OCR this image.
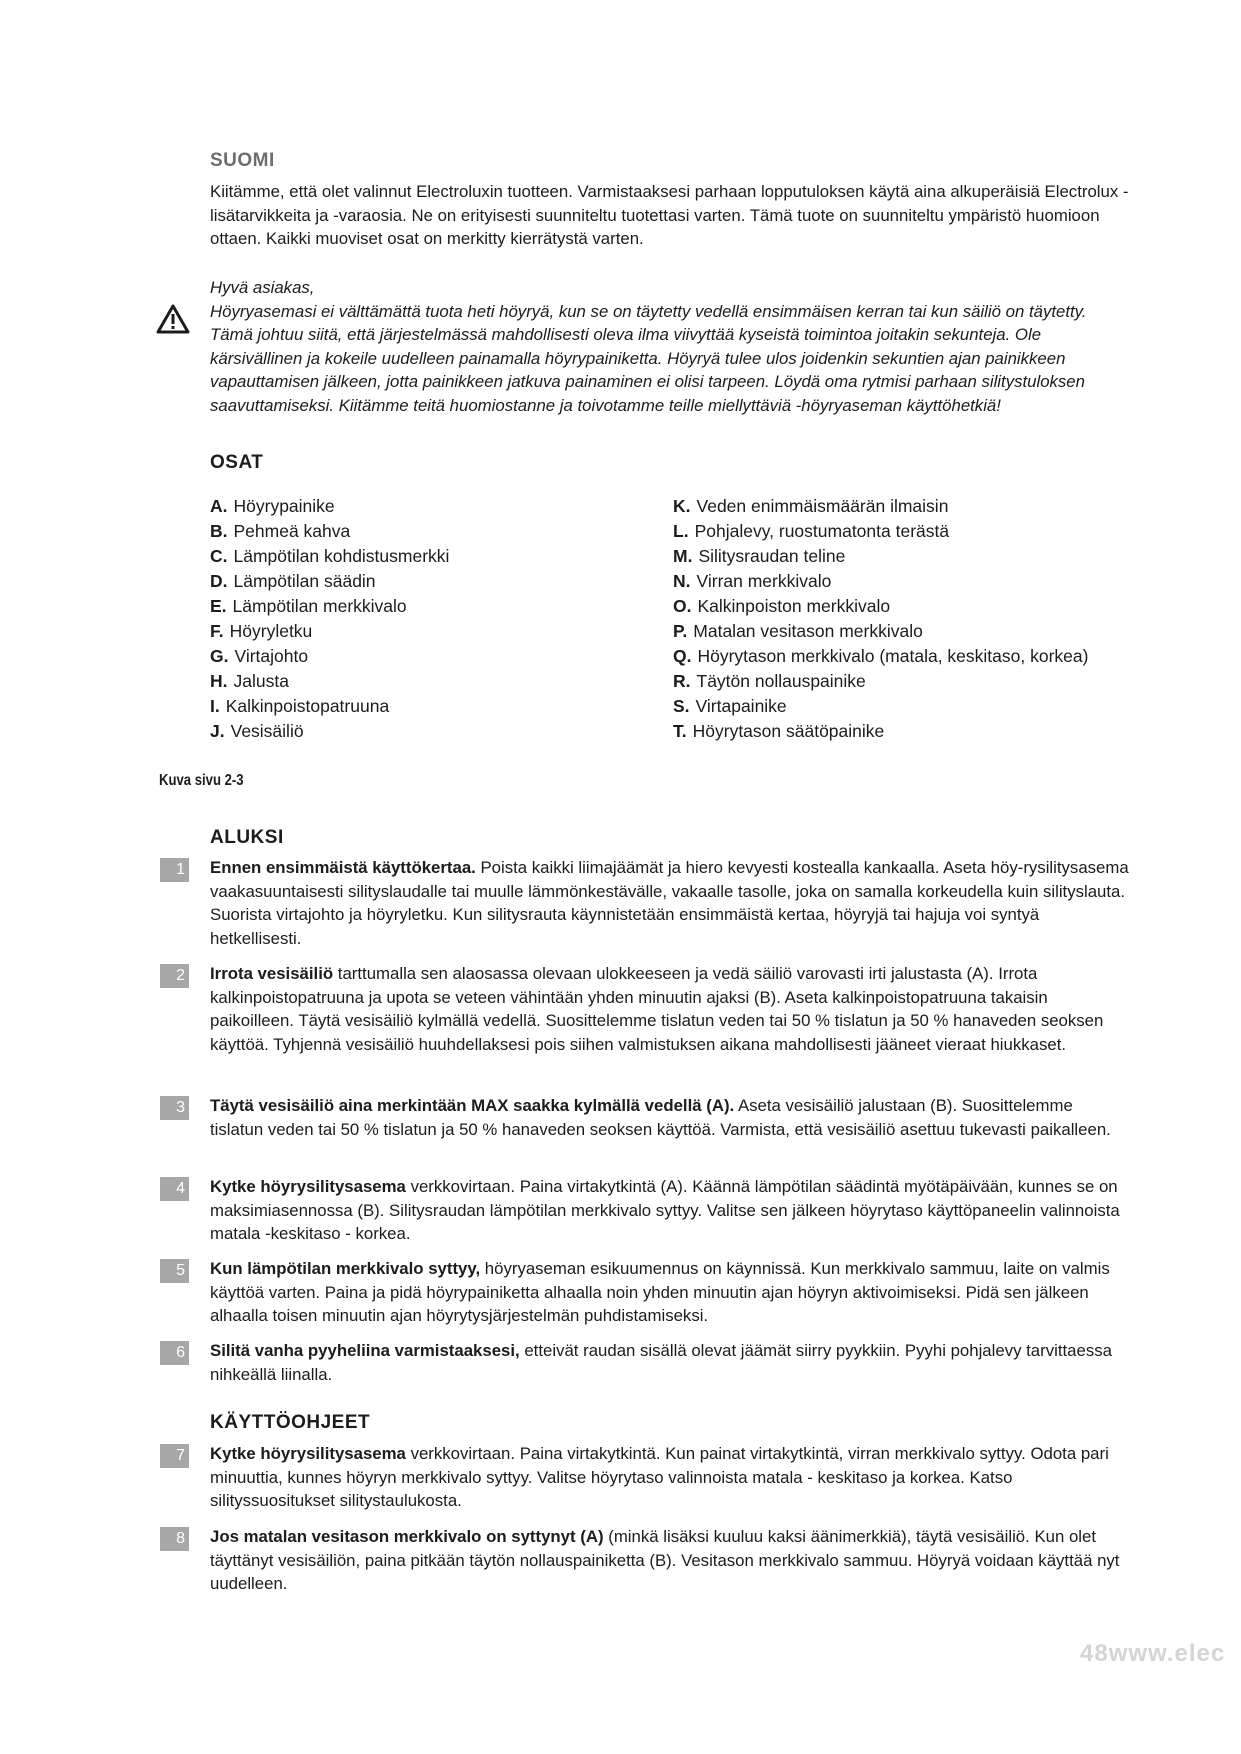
SUOMI

Kiitämme, että olet valinnut Electroluxin tuotteen. Varmistaaksesi parhaan lopputuloksen käytä aina alkuperäisiä Electrolux -lisätarvikkeita ja -varaosia. Ne on erityisesti suunniteltu tuotettasi varten. Tämä tuote on suunniteltu ympäristö huomioon ottaen. Kaikki muoviset osat on merkitty kierrätystä varten.

Hyvä asiakas,
Höyryasemasi ei välttämättä tuota heti höyryä, kun se on täytetty vedellä ensimmäisen kerran tai kun säiliö on täytetty. Tämä johtuu siitä, että järjestelmässä mahdollisesti oleva ilma viivyttää kyseistä toimintoa joitakin sekunteja. Ole kärsivällinen ja kokeile uudelleen painamalla höyrypainiketta. Höyryä tulee ulos joidenkin sekuntien ajan painikkeen vapauttamisen jälkeen, jotta painikkeen jatkuva painaminen ei olisi tarpeen. Löydä oma rytmisi parhaan silitystuloksen saavuttamiseksi. Kiitämme teitä huomiostanne ja toivotamme teille miellyttäviä -höyryaseman käyttöhetkiä!
OSAT
A. Höyrypainike
B. Pehmeä kahva
C. Lämpötilan kohdistusmerkki
D. Lämpötilan säädin
E. Lämpötilan merkkivalo
F. Höyryletku
G. Virtajohto
H. Jalusta
I. Kalkinpoistopatruuna
J. Vesisäiliö
K. Veden enimmäismäärän ilmaisin
L. Pohjalevy, ruostumatonta terästä
M. Silitysraudan teline
N. Virran merkkivalo
O. Kalkinpoiston merkkivalo
P. Matalan vesitason merkkivalo
Q. Höyrytason merkkivalo (matala, keskitaso, korkea)
R. Täytön nollauspainike
S. Virtapainike
T. Höyrytason säätöpainike
Kuva sivu 2-3
ALUKSI
1 Ennen ensimmäistä käyttökertaa. Poista kaikki liimajäämät ja hiero kevyesti kostealla kankaalla. Aseta höy-rysilitysasema vaakasuuntaisesti silityslaudalle tai muulle lämmönkestävälle, vakaalle tasolle, joka on samalla korkeudella kuin silityslauta. Suorista virtajohto ja höyryletku. Kun silitysrauta käynnistetään ensimmäistä kertaa, höyryjä tai hajuja voi syntyä hetkellisesti.
2 Irrota vesisäiliö tarttumalla sen alaosassa olevaan ulokkeeseen ja vedä säiliö varovasti irti jalustasta (A). Irrota kalkinpoistopatruuna ja upota se veteen vähintään yhden minuutin ajaksi (B). Aseta kalkinpoistopatruuna takaisin paikoilleen. Täytä vesisäiliö kylmällä vedellä. Suosittelemme tislatun veden tai 50 % tislatun ja 50 % hanaveden seoksen käyttöä. Tyhjennä vesisäiliö huuhdellaksesi pois siihen valmistuksen aikana mahdollisesti jääneet vieraat hiukkaset.
3 Täytä vesisäiliö aina merkintään MAX saakka kylmällä vedellä (A). Aseta vesisäiliö jalustaan (B). Suosittelemme tislatun veden tai 50 % tislatun ja 50 % hanaveden seoksen käyttöä. Varmista, että vesisäiliö asettuu tukevasti paikalleen.
4 Kytke höyrysilitysasema verkkovirtaan. Paina virtakytkintä (A). Käännä lämpötilan säädintä myötäpäivään, kunnes se on maksimiasennossa (B). Silitysraudan lämpötilan merkkivalo syttyy. Valitse sen jälkeen höyrytaso käyttöpaneelin valinnoista matala -keskitaso - korkea.
5 Kun lämpötilan merkkivalo syttyy, höyryaseman esikuumennus on käynnissä. Kun merkkivalo sammuu, laite on valmis käyttöä varten. Paina ja pidä höyrypainiketta alhaalla noin yhden minuutin ajan höyryn aktivoimiseksi. Pidä sen jälkeen alhaalla toisen minuutin ajan höyrytysjärjestelmän puhdistamiseksi.
6 Silitä vanha pyyheliina varmistaaksesi, etteivät raudan sisällä olevat jäämät siirry pyykkiin. Pyyhi pohjalevy tarvittaessa nihkeällä liinalla.
KÄYTTÖOHJEET
7 Kytke höyrysilitysasema verkkovirtaan. Paina virtakytkintä. Kun painat virtakytkintä, virran merkkivalo syttyy. Odota pari minuuttia, kunnes höyryn merkkivalo syttyy. Valitse höyrytaso valinnoista matala - keskitaso ja korkea. Katso silityssuositukset silitystaulukosta.
8 Jos matalan vesitason merkkivalo on syttynyt (A) (minkä lisäksi kuuluu kaksi äänimerkkiä), täytä vesisäiliö. Kun olet täyttänyt vesisäiliön, paina pitkään täytön nollauspainiketta (B). Vesitason merkkivalo sammuu. Höyryä voidaan käyttää nyt uudelleen.
48www.elec
